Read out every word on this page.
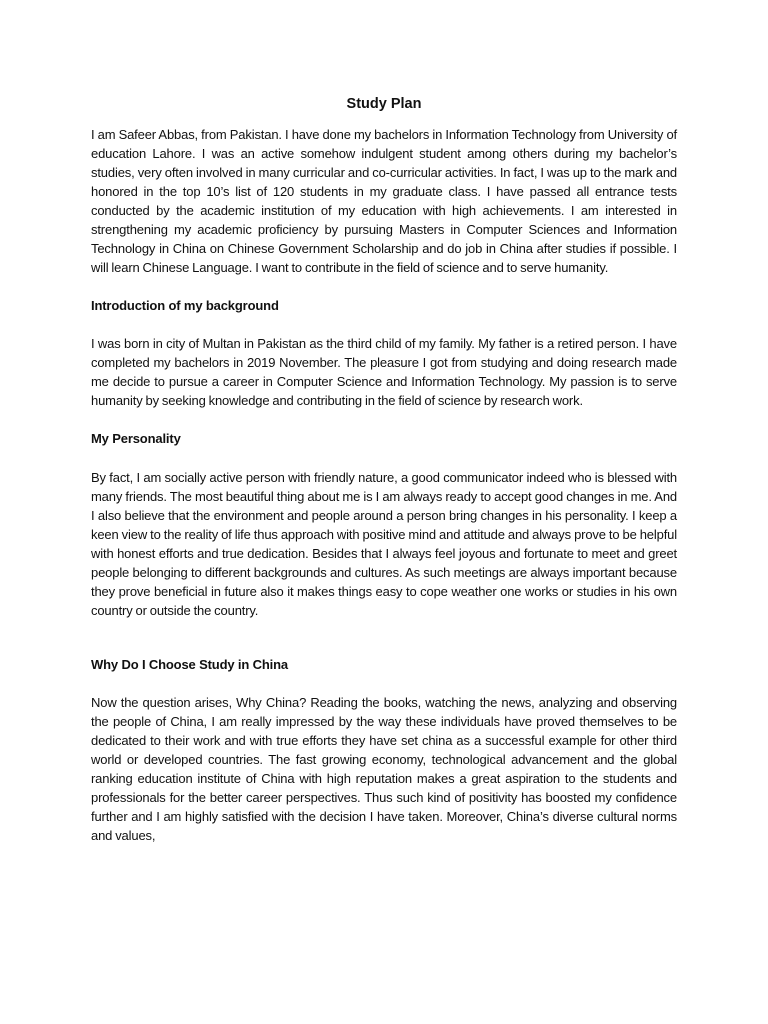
Study Plan

I am Safeer Abbas, from Pakistan. I have done my bachelors in Information Technology from University of education Lahore. I was an active somehow indulgent student among others during my bachelor’s studies, very often involved in many curricular and co-curricular activities. In fact, I was up to the mark and honored in the top 10’s list of 120 students in my graduate class. I have passed all entrance tests conducted by the academic institution of my education with high achievements. I am interested in strengthening my academic proficiency by pursuing Masters in Computer Sciences and Information Technology in China on Chinese Government Scholarship and do job in China after studies if possible. I will learn Chinese Language. I want to contribute in the field of science and to serve humanity.

Introduction of my background

I was born in city of Multan in Pakistan as the third child of my family. My father is a retired person. I have completed my bachelors in 2019 November. The pleasure I got from studying and doing research made me decide to pursue a career in Computer Science and Information Technology. My passion is to serve humanity by seeking knowledge and contributing in the field of science by research work.

My Personality

By fact, I am socially active person with friendly nature, a good communicator indeed who is blessed with many friends. The most beautiful thing about me is I am always ready to accept good changes in me. And I also believe that the environment and people around a person bring changes in his personality. I keep a keen view to the reality of life thus approach with positive mind and attitude and always prove to be helpful with honest efforts and true dedication. Besides that I always feel joyous and fortunate to meet and greet people belonging to different backgrounds and cultures. As such meetings are always important because they prove beneficial in future also it makes things easy to cope weather one works or studies in his own country or outside the country.

Why Do I Choose Study in China

Now the question arises, Why China? Reading the books, watching the news, analyzing and observing the people of China, I am really impressed by the way these individuals have proved themselves to be dedicated to their work and with true efforts they have set china as a successful example for other third world or developed countries. The fast growing economy, technological advancement and the global ranking education institute of China with high reputation makes a great aspiration to the students and professionals for the better career perspectives. Thus such kind of positivity has boosted my confidence further and I am highly satisfied with the decision I have taken. Moreover, China’s diverse cultural norms and values,
